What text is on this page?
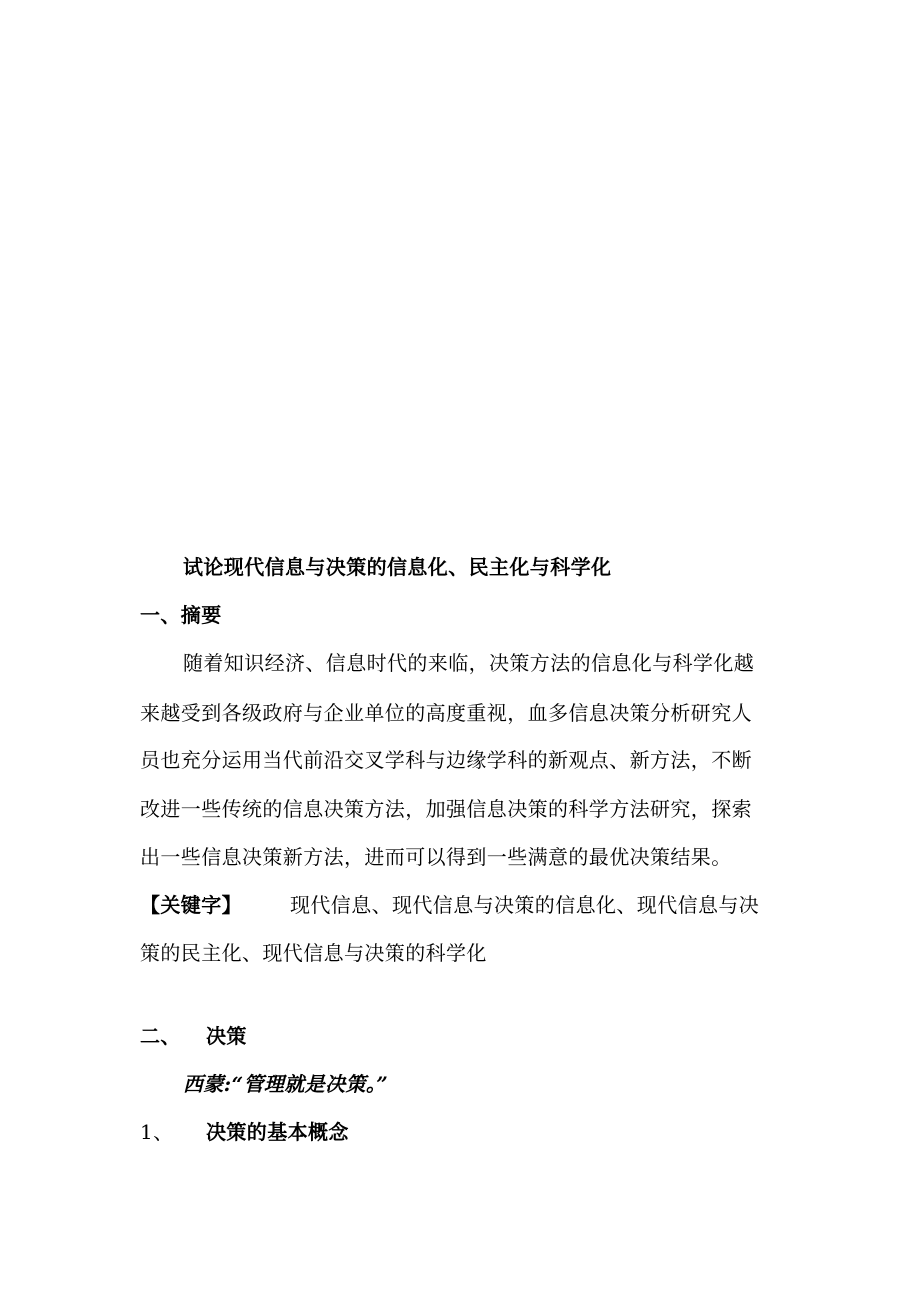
试论现代信息与决策的信息化、民主化与科学化
一、摘要
随着知识经济、信息时代的来临，决策方法的信息化与科学化越
来越受到各级政府与企业单位的高度重视，血多信息决策分析研究人
员也充分运用当代前沿交叉学科与边缘学科的新观点、新方法，不断
改进一些传统的信息决策方法，加强信息决策的科学方法研究，探索
出一些信息决策新方法，进而可以得到一些满意的最优决策结果。
【关键字】 现代信息、现代信息与决策的信息化、现代信息与决
策的民主化、现代信息与决策的科学化
二、 决策
西蒙:“管理就是决策。”
1、 决策的基本概念
